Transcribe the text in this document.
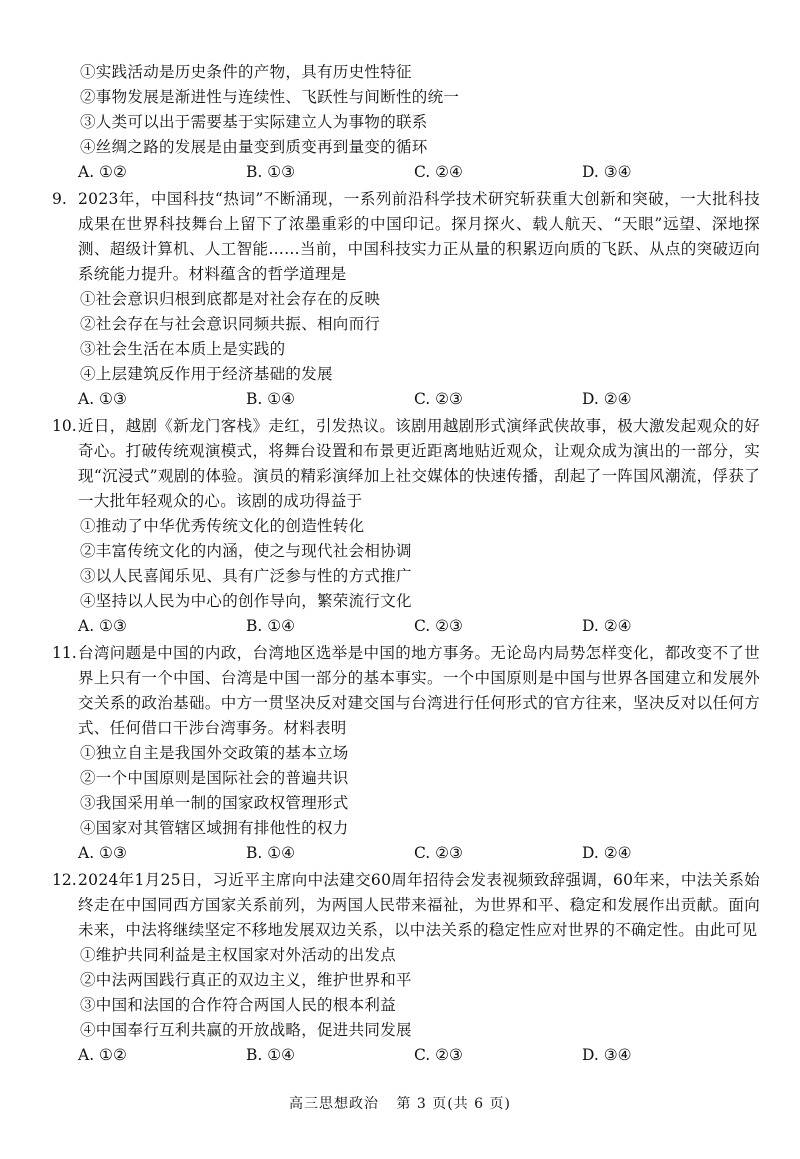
①实践活动是历史条件的产物，具有历史性特征
②事物发展是渐进性与连续性、飞跃性与间断性的统一
③人类可以出于需要基于实际建立人为事物的联系
④丝绸之路的发展是由量变到质变再到量变的循环
A. ①②	B. ①③	C. ②④	D. ③④
9. 2023年，中国科技“热词”不断涌现，一系列前沿科学技术研究斩获重大创新和突破，一大批科技成果在世界科技舞台上留下了浓墨重彩的中国印记。探月探火、载人航天、“天眼”远望、深地探测、超级计算机、人工智能……当前，中国科技实力正从量的积累迈向质的飞跃、从点的突破迈向系统能力提升。材料蕴含的哲学道理是
①社会意识归根到底都是对社会存在的反映
②社会存在与社会意识同频共振、相向而行
③社会生活在本质上是实践的
④上层建筑反作用于经济基础的发展
A. ①③	B. ①④	C. ②③	D. ②④
10. 近日，越剧《新龙门客栈》走红，引发热议。该剧用越剧形式演绎武侠故事，极大激发起观众的好奇心。打破传统观演模式，将舞台设置和布景更近距离地贴近观众，让观众成为演出的一部分，实现“沉浸式”观剧的体验。演员的精彩演绎加上社交媒体的快速传播，刮起了一阵国风潮流，俘获了一大批年轻观众的心。该剧的成功得益于
①推动了中华优秀传统文化的创造性转化
②丰富传统文化的内涵，使之与现代社会相协调
③以人民喜闻乐见、具有广泛参与性的方式推广
④坚持以人民为中心的创作导向，繁荣流行文化
A. ①③	B. ①④	C. ②③	D. ②④
11. 台湾问题是中国的内政，台湾地区选举是中国的地方事务。无论岛内局势怎样变化，都改变不了世界上只有一个中国、台湾是中国一部分的基本事实。一个中国原则是中国与世界各国建立和发展外交关系的政治基础。中方一贯坚决反对建交国与台湾进行任何形式的官方往来，坚决反对以任何方式、任何借口干涉台湾事务。材料表明
①独立自主是我国外交政策的基本立场
②一个中国原则是国际社会的普遍共识
③我国采用单一制的国家政权管理形式
④国家对其管辖区域拥有排他性的权力
A. ①③	B. ①④	C. ②③	D. ②④
12. 2024年1月25日，习近平主席向中法建交60周年招待会发表视频致辞强调，60年来，中法关系始终走在中国同西方国家关系前列，为两国人民带来福祉，为世界和平、稳定和发展作出贡献。面向未来，中法将继续坚定不移地发展双边关系，以中法关系的稳定性应对世界的不确定性。由此可见
①维护共同利益是主权国家对外活动的出发点
②中法两国践行真正的双边主义，维护世界和平
③中国和法国的合作符合两国人民的根本利益
④中国奉行互利共赢的开放战略，促进共同发展
A. ①②	B. ①④	C. ②③	D. ③④
高三思想政治 第 3 页(共 6 页)
